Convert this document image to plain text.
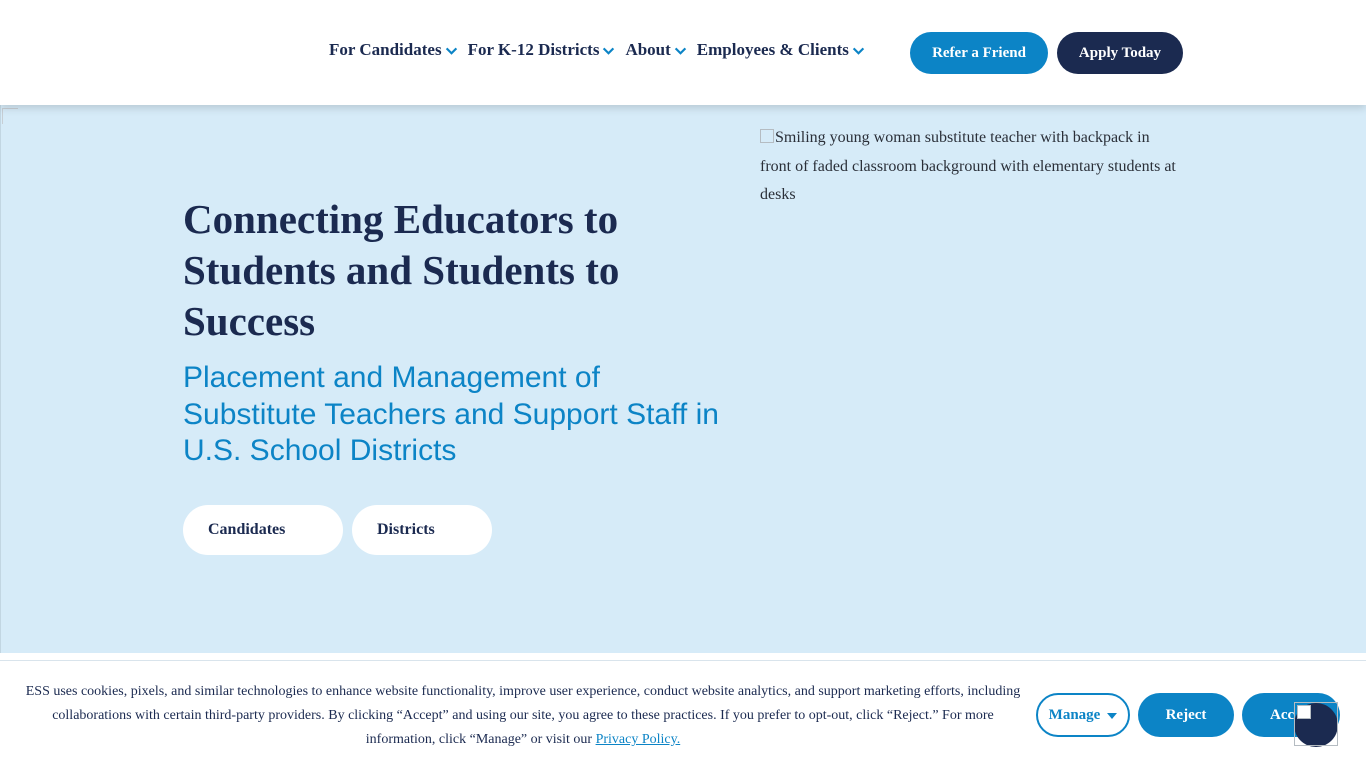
For Candidates For K-12 Districts About Employees & Clients	Refer a Friend	Apply Today
Connecting Educators to Students and Students to Success

Placement and Management of Substitute Teachers and Support Staff in U.S. School Districts

Candidates	Districts
Smiling young woman substitute teacher with backpack in front of faded classroom background with elementary students at desks

ESS uses cookies, pixels, and similar technologies to enhance website functionality, improve user experience, conduct website analytics, and support marketing efforts, including collaborations with certain third-party providers. By clicking “Accept” and using our site, you agree to these practices. If you prefer to opt-out, click “Reject.” For more information, click “Manage” or visit our Privacy Policy.

Manage	Reject	Acc
